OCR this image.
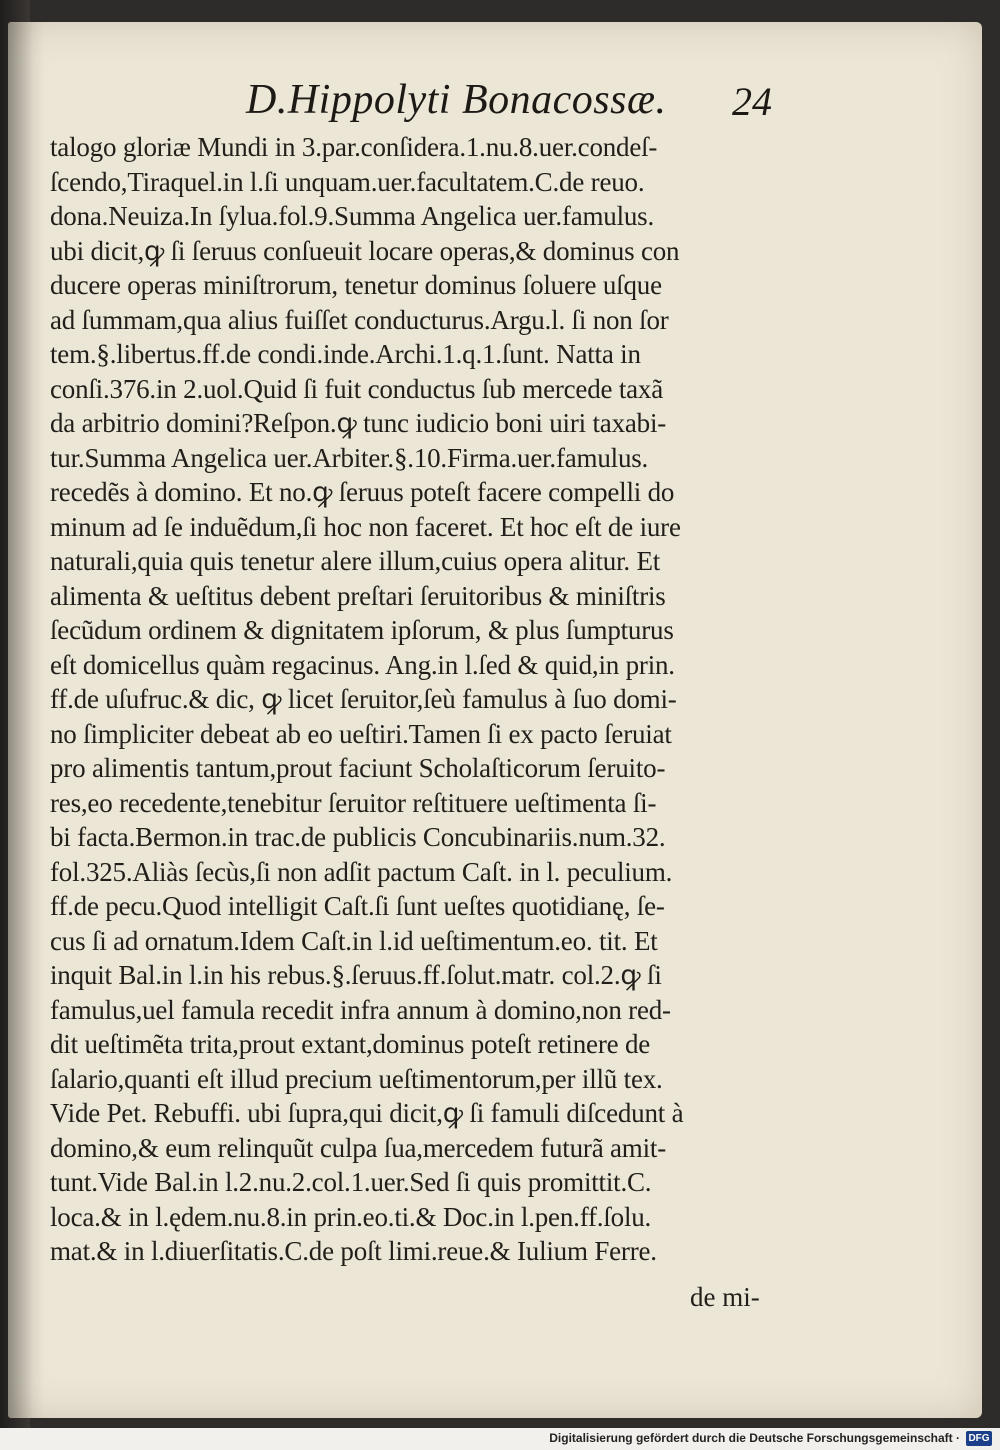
D.Hippolyti Bonacossæ. 24
talogo gloriæ Mundi in 3.par.conſidera.1.nu.8.uer.condeſ-
ſcendo,Tiraquel.in l.ſi unquam.uer.facultatem.C.de reuo.
dona.Neuiza.In ſylua.fol.9.Summa Angelica uer.famulus.
ubi dicit,ꝙ ſi ſeruus conſueuit locare operas,& dominus con
ducere operas miniſtrorum, tenetur dominus ſoluere uſque
ad ſummam,qua alius fuiſſet conducturus.Argu.l. ſi non ſor
tem.§.libertus.ff.de condi.inde.Archi.1.q.1.ſunt. Natta in
conſi.376.in 2.uol.Quid ſi fuit conductus ſub mercede taxã
da arbitrio domini?Reſpon.ꝙ tunc iudicio boni uiri taxabi-
tur.Summa Angelica uer.Arbiter.§.10.Firma.uer.famulus.
recedẽs à domino. Et no.ꝙ ſeruus poteſt facere compelli do
minum ad ſe induẽdum,ſi hoc non faceret. Et hoc eſt de iure
naturali,quia quis tenetur alere illum,cuius opera alitur. Et
alimenta & ueſtitus debent preſtari ſeruitoribus & miniſtris
ſecũdum ordinem & dignitatem ipſorum, & plus ſumpturus
eſt domicellus quàm regacinus. Ang.in l.ſed & quid,in prin.
ff.de uſufruc.& dic, ꝙ licet ſeruitor,ſeù famulus à ſuo domi-
no ſimpliciter debeat ab eo ueſtiri.Tamen ſi ex pacto ſeruiat
pro alimentis tantum,prout faciunt Scholaſticorum ſeruito-
res,eo recedente,tenebitur ſeruitor reſtituere ueſtimenta ſi-
bi facta.Bermon.in trac.de publicis Concubinariis.num.32.
fol.325.Aliàs ſecùs,ſi non adſit pactum Caſt. in l. peculium.
ff.de pecu.Quod intelligit Caſt.ſi ſunt ueſtes quotidianę, ſe-
cus ſi ad ornatum.Idem Caſt.in l.id ueſtimentum.eo. tit. Et
inquit Bal.in l.in his rebus.§.ſeruus.ff.ſolut.matr. col.2.ꝙ ſi
famulus,uel famula recedit infra annum à domino,non red-
dit ueſtimẽta trita,prout extant,dominus poteſt retinere de
ſalario,quanti eſt illud precium ueſtimentorum,per illũ tex.
Vide Pet. Rebuffi. ubi ſupra,qui dicit,ꝙ ſi famuli diſcedunt à
domino,& eum relinquũt culpa ſua,mercedem futurã amit-
tunt.Vide Bal.in l.2.nu.2.col.1.uer.Sed ſi quis promittit.C.
loca.& in l.ędem.nu.8.in prin.eo.ti.& Doc.in l.pen.ff.ſolu.
mat.& in l.diuerſitatis.C.de poſt limi.reue.& Iulium Ferre.
de mi-
Digitalisierung gefördert durch die Deutsche Forschungsgemeinschaft · DFG
